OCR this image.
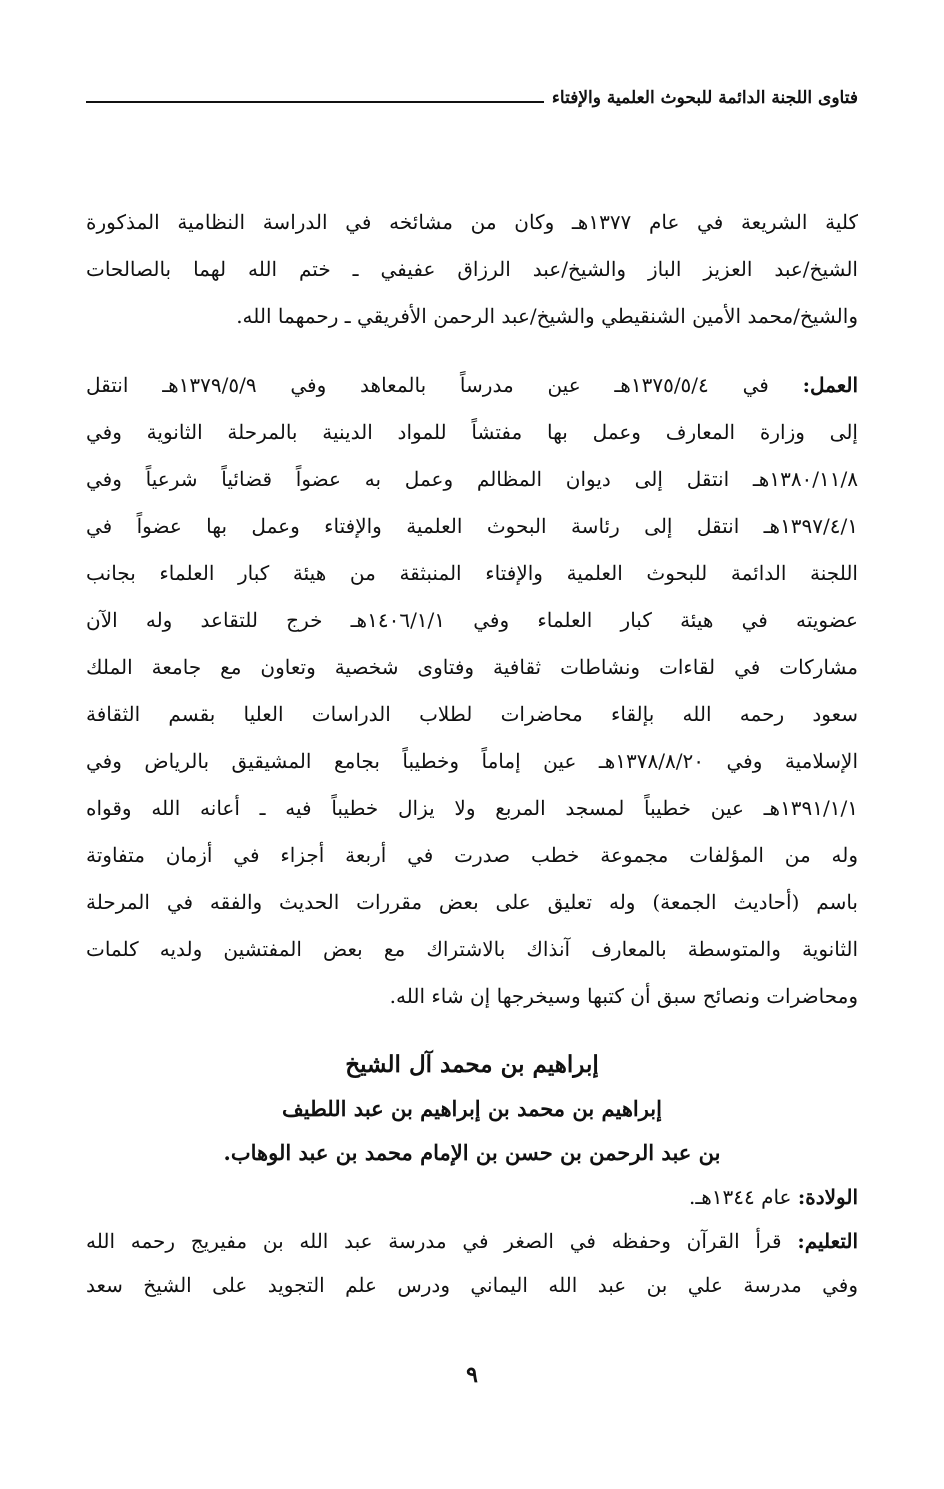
فتاوى اللجنة الدائمة للبحوث العلمية والإفتاء
كلية الشريعة في عام ١٣٧٧هـ وكان من مشائخه في الدراسة النظامية المذكورة
الشيخ/عبد العزيز الباز والشيخ/عبد الرزاق عفيفي ـ ختم الله لهما بالصالحات
والشيخ/محمد الأمين الشنقيطي والشيخ/عبد الرحمن الأفريقي ـ رحمهما الله.
العمل: في ١٣٧٥/٥/٤هـ عين مدرساً بالمعاهد وفي ١٣٧٩/٥/٩هـ انتقل
إلى وزارة المعارف وعمل بها مفتشاً للمواد الدينية بالمرحلة الثانوية وفي
١٣٨٠/١١/٨هـ انتقل إلى ديوان المظالم وعمل به عضواً قضائياً شرعياً وفي
١٣٩٧/٤/١هـ انتقل إلى رئاسة البحوث العلمية والإفتاء وعمل بها عضواً في
اللجنة الدائمة للبحوث العلمية والإفتاء المنبثقة من هيئة كبار العلماء بجانب
عضويته في هيئة كبار العلماء وفي ١٤٠٦/١/١هـ خرج للتقاعد وله الآن
مشاركات في لقاءات ونشاطات ثقافية وفتاوى شخصية وتعاون مع جامعة الملك
سعود رحمه الله بإلقاء محاضرات لطلاب الدراسات العليا بقسم الثقافة
الإسلامية وفي ١٣٧٨/٨/٢٠هـ عين إماماً وخطيباً بجامع المشيقيق بالرياض وفي
١٣٩١/١/١هـ عين خطيباً لمسجد المربع ولا يزال خطيباً فيه ـ أعانه الله وقواه
وله من المؤلفات مجموعة خطب صدرت في أربعة أجزاء في أزمان متفاوتة
باسم (أحاديث الجمعة) وله تعليق على بعض مقررات الحديث والفقه في المرحلة
الثانوية والمتوسطة بالمعارف آنذاك بالاشتراك مع بعض المفتشين ولديه كلمات
ومحاضرات ونصائح سبق أن كتبها وسيخرجها إن شاء الله.
إبراهيم بن محمد آل الشيخ
إبراهيم بن محمد بن إبراهيم بن عبد اللطيف
بن عبد الرحمن بن حسن بن الإمام محمد بن عبد الوهاب.
الولادة: عام ١٣٤٤هـ.
التعليم: قرأ القرآن وحفظه في الصغر في مدرسة عبد الله بن مفيريج رحمه الله
وفي مدرسة علي بن عبد الله اليماني ودرس علم التجويد على الشيخ سعد
٩
